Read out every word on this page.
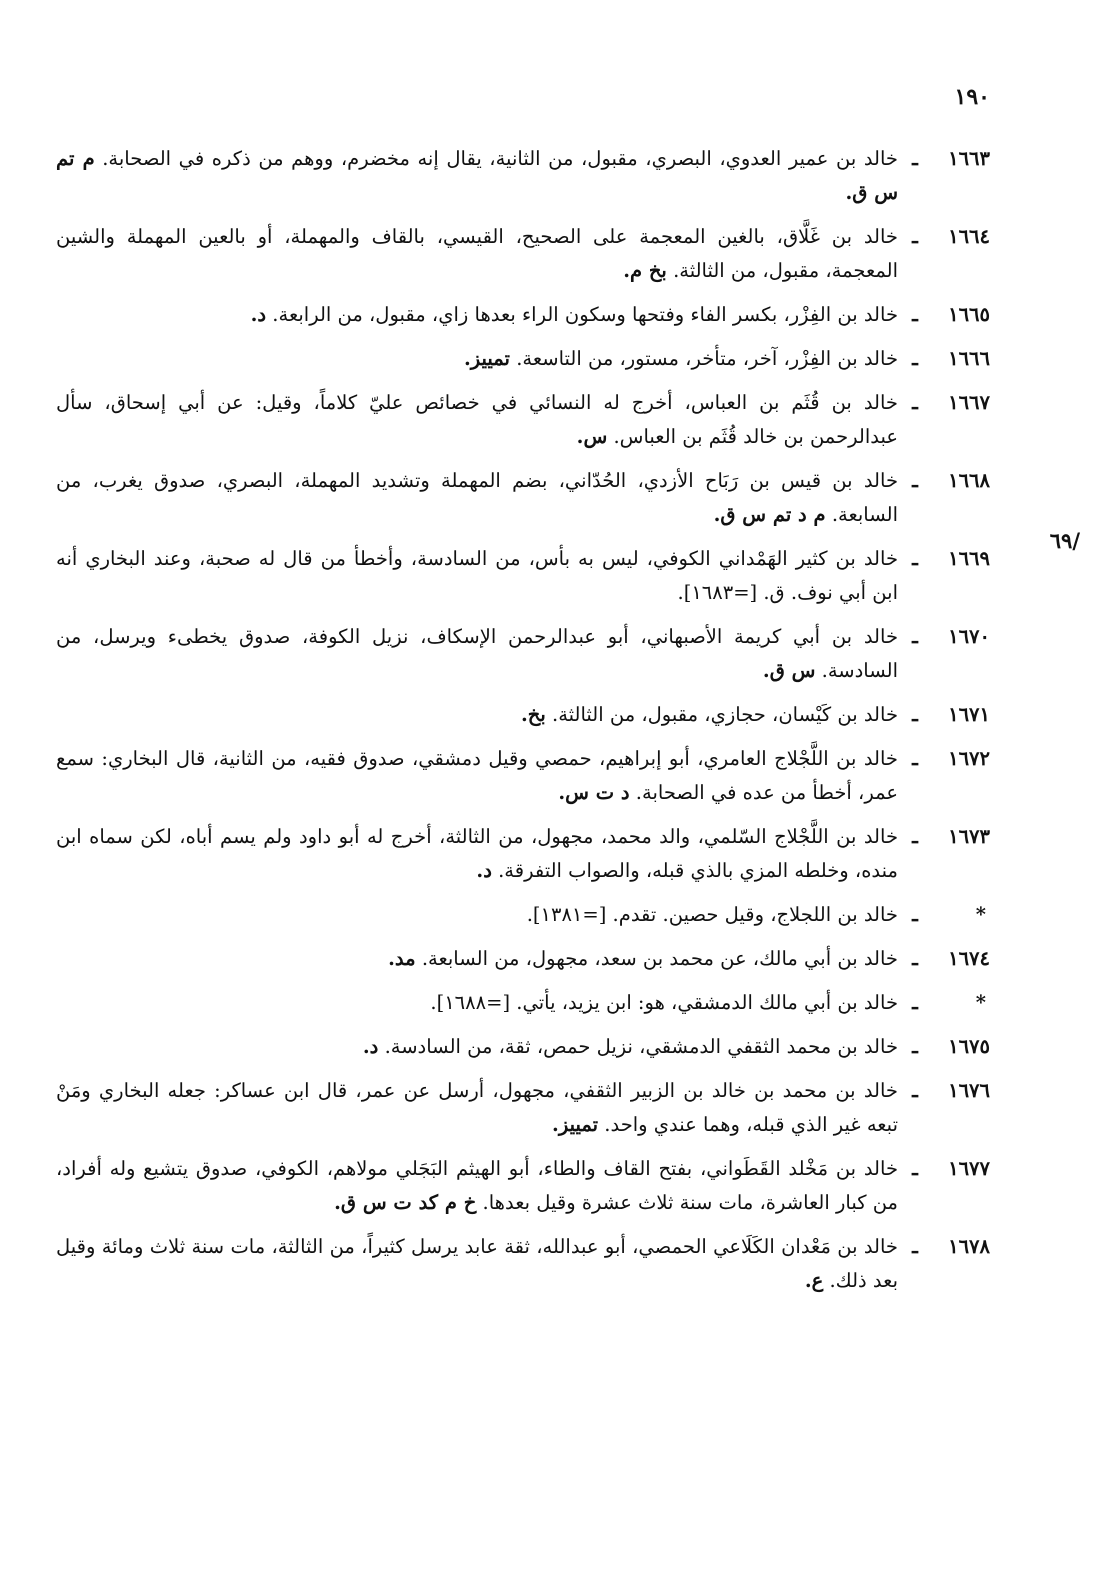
١٩٠
٦٩/
١٦٦٣
ـ
خالد بن عمير العدوي، البصري، مقبول، من الثانية، يقال إنه مخضرم، ووهم من ذكره في الصحابة. م تم س ق.
١٦٦٤
ـ
خالد بن غَلَّاق، بالغين المعجمة على الصحيح، القيسي، بالقاف والمهملة، أو بالعين المهملة والشين المعجمة، مقبول، من الثالثة. بخ م.
١٦٦٥
ـ
خالد بن الفِزْر، بكسر الفاء وفتحها وسكون الراء بعدها زاي، مقبول، من الرابعة. د.
١٦٦٦
ـ
خالد بن الفِزْر، آخر، متأخر، مستور، من التاسعة. تمييز.
١٦٦٧
ـ
خالد بن قُثَم بن العباس، أخرج له النسائي في خصائص عليّ كلاماً، وقيل: عن أبي إسحاق، سأل عبدالرحمن بن خالد قُثَم بن العباس. س.
١٦٦٨
ـ
خالد بن قيس بن رَبَاح الأزدي، الحُدّاني، بضم المهملة وتشديد المهملة، البصري، صدوق يغرب، من السابعة. م د تم س ق.
١٦٦٩
ـ
خالد بن كثير الهَمْداني الكوفي، ليس به بأس، من السادسة، وأخطأ من قال له صحبة، وعند البخاري أنه ابن أبي نوف. ق. [=١٦٨٣].
١٦٧٠
ـ
خالد بن أبي كريمة الأصبهاني، أبو عبدالرحمن الإسكاف، نزيل الكوفة، صدوق يخطىء ويرسل، من السادسة. س ق.
١٦٧١
ـ
خالد بن كَيْسان، حجازي، مقبول، من الثالثة. بخ.
١٦٧٢
ـ
خالد بن اللَّجْلاج العامري، أبو إبراهيم، حمصي وقيل دمشقي، صدوق فقيه، من الثانية، قال البخاري: سمع عمر، أخطأ من عده في الصحابة. د ت س.
١٦٧٣
ـ
خالد بن اللَّجْلاج السّلمي، والد محمد، مجهول، من الثالثة، أخرج له أبو داود ولم يسم أباه، لكن سماه ابن منده، وخلطه المزي بالذي قبله، والصواب التفرقة. د.
*
ـ
خالد بن اللجلاج، وقيل حصين. تقدم. [=١٣٨١].
١٦٧٤
ـ
خالد بن أبي مالك، عن محمد بن سعد، مجهول، من السابعة. مد.
*
ـ
خالد بن أبي مالك الدمشقي، هو: ابن يزيد، يأتي. [=١٦٨٨].
١٦٧٥
ـ
خالد بن محمد الثقفي الدمشقي، نزيل حمص، ثقة، من السادسة. د.
١٦٧٦
ـ
خالد بن محمد بن خالد بن الزبير الثقفي، مجهول، أرسل عن عمر، قال ابن عساكر: جعله البخاري ومَنْ تبعه غير الذي قبله، وهما عندي واحد. تمييز.
١٦٧٧
ـ
خالد بن مَخْلد القَطَواني، بفتح القاف والطاء، أبو الهيثم البَجَلي مولاهم، الكوفي، صدوق يتشيع وله أفراد، من كبار العاشرة، مات سنة ثلاث عشرة وقيل بعدها. خ م كد ت س ق.
١٦٧٨
ـ
خالد بن مَعْدان الكَلَاعي الحمصي، أبو عبدالله، ثقة عابد يرسل كثيراً، من الثالثة، مات سنة ثلاث ومائة وقيل بعد ذلك. ع.
